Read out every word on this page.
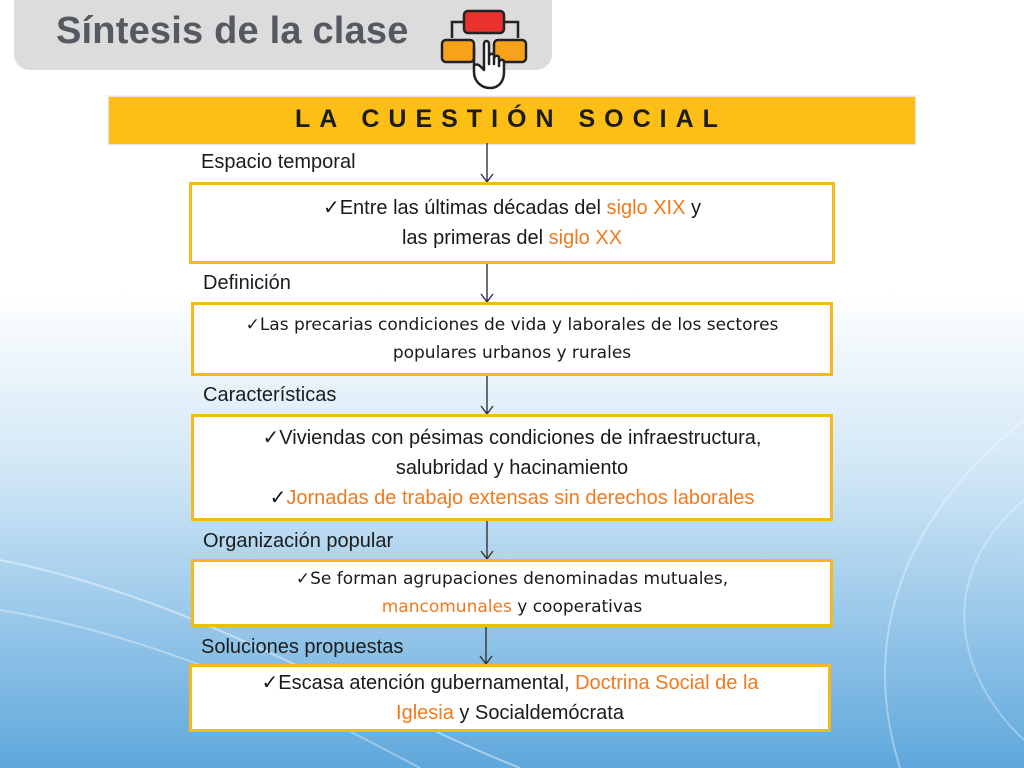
Síntesis de la clase
LA CUESTIÓN SOCIAL
Espacio temporal
Definición
Características
Organización popular
Soluciones propuestas
✓Entre las últimas décadas del siglo XIX y
las primeras del siglo XX
✓Las precarias condiciones de vida y laborales de los sectores
populares urbanos y rurales
✓Viviendas con pésimas condiciones de infraestructura,
salubridad y hacinamiento
✓Jornadas de trabajo extensas sin derechos laborales
✓Se forman agrupaciones denominadas mutuales,
mancomunales y cooperativas
✓Escasa atención gubernamental, Doctrina Social de la
Iglesia y Socialdemócrata
